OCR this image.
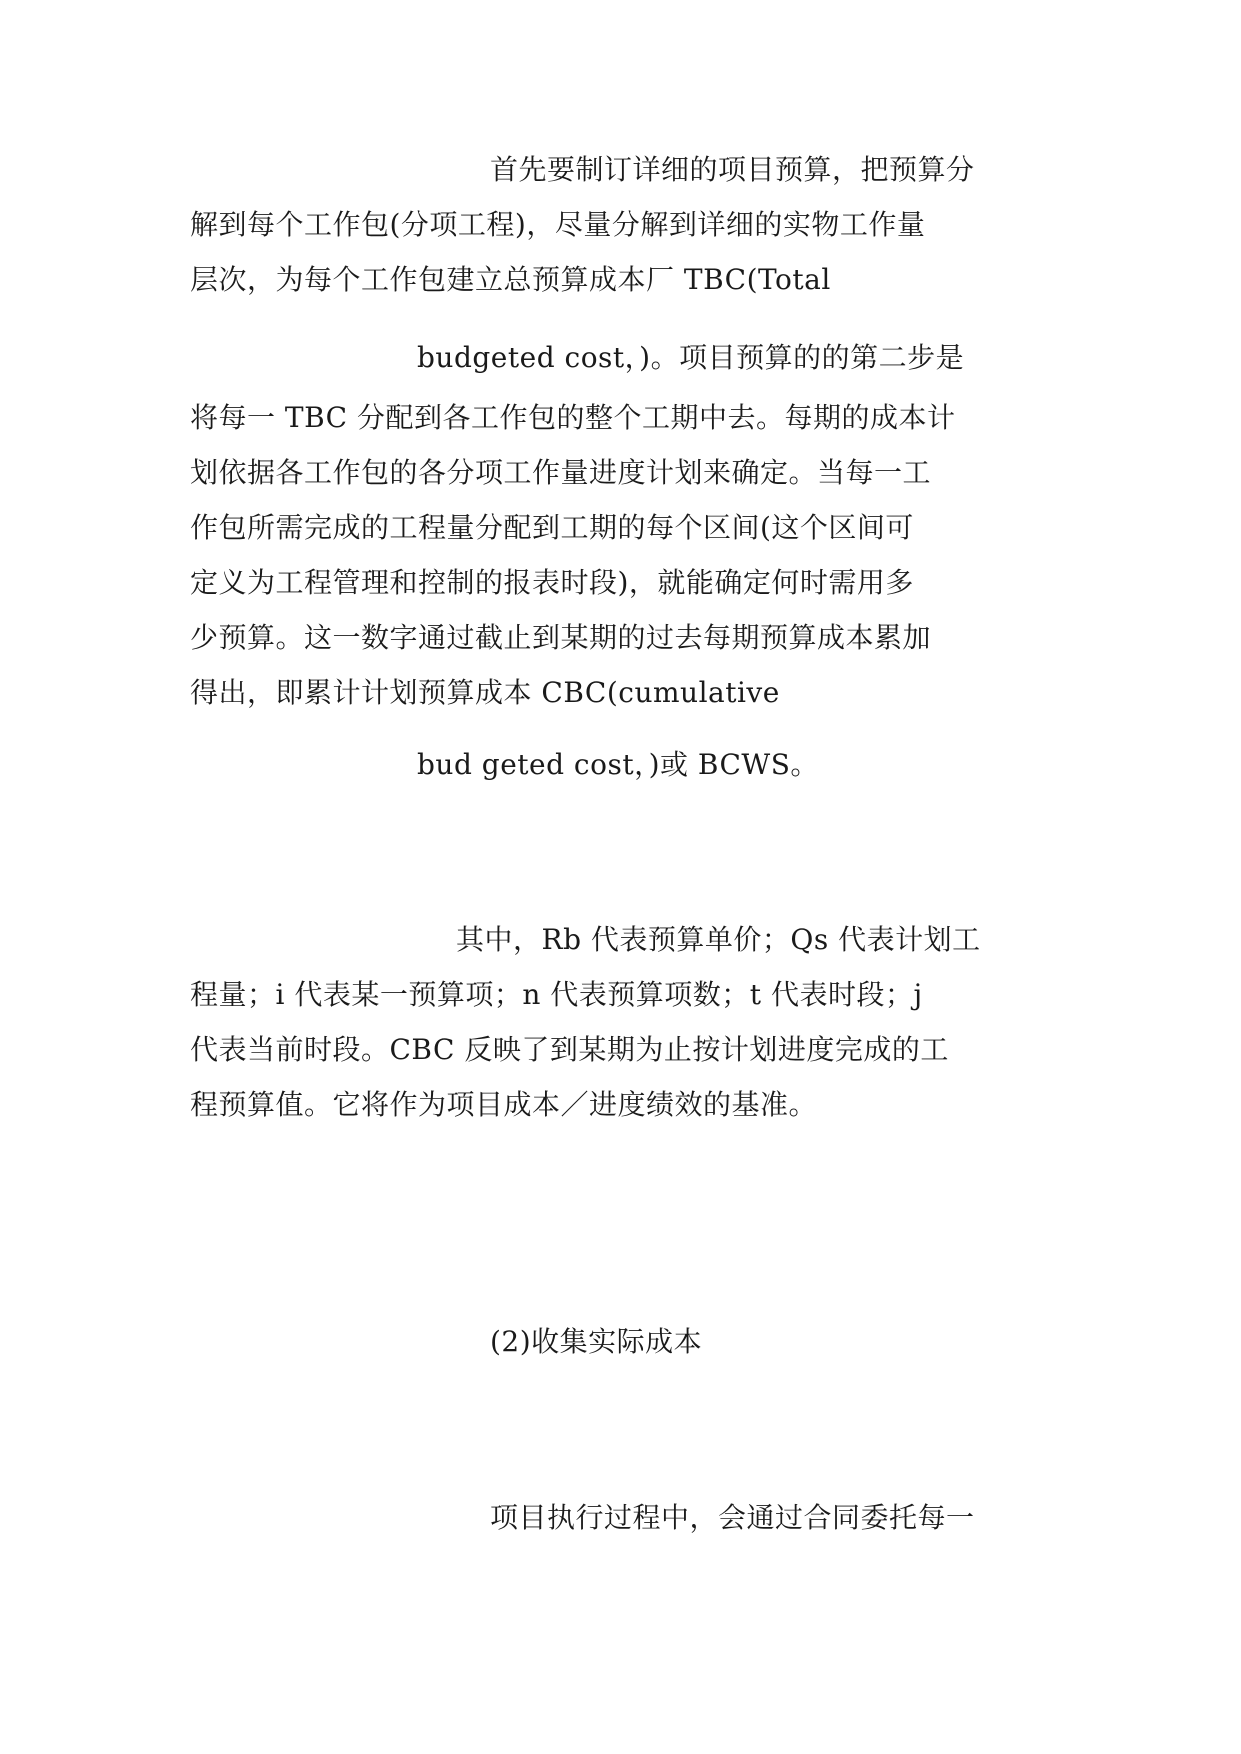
首先要制订详细的项目预算，把预算分
解到每个工作包(分项工程)，尽量分解到详细的实物工作量
层次，为每个工作包建立总预算成本厂 TBC(Total
budgeted cost，)。项目预算的的第二步是
将每一 TBC 分配到各工作包的整个工期中去。每期的成本计
划依据各工作包的各分项工作量进度计划来确定。当每一工
作包所需完成的工程量分配到工期的每个区间(这个区间可
定义为工程管理和控制的报表时段)，就能确定何时需用多
少预算。这一数字通过截止到某期的过去每期预算成本累加
得出，即累计计划预算成本 CBC(cumulative
bud geted cost，)或 BCWS。
其中，Rb 代表预算单价；Qs 代表计划工
程量；i 代表某一预算项；n 代表预算项数；t 代表时段；j
代表当前时段。CBC 反映了到某期为止按计划进度完成的工
程预算值。它将作为项目成本／进度绩效的基准。
(2)收集实际成本
项目执行过程中，会通过合同委托每一
